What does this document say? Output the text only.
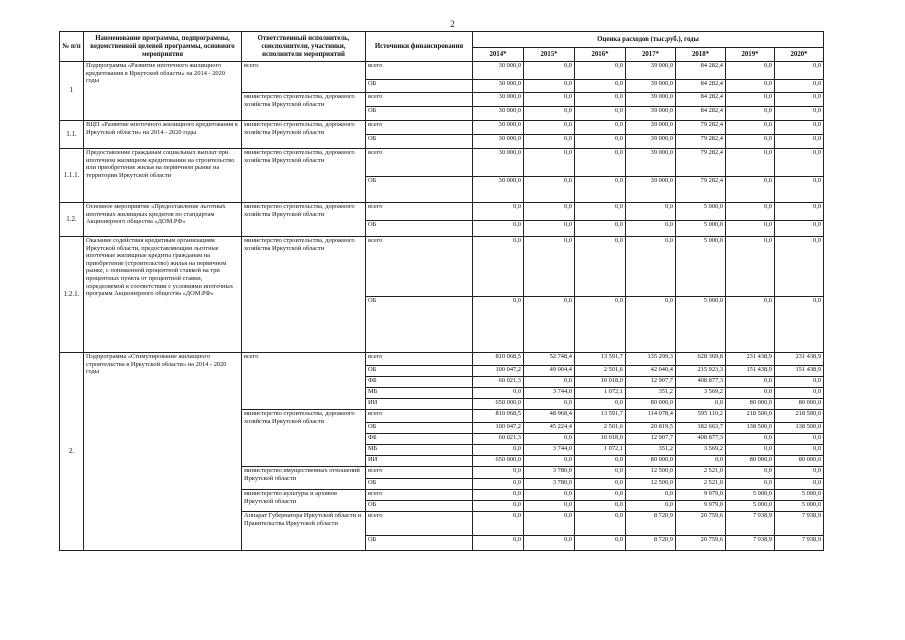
2
№ п/п	Наименование программы, подпрограммы, ведомственной целевой программы, основного мероприятия	Ответственный исполнитель, соисполнители, участники, исполнители мероприятий	Источники финансирования	Оценка расходов (тыс.руб.), годы						
				2014*	2015*	2016*	2017*	2018*	2019*	2020*
1	Подпрограмма «Развитие ипотечного жилищного кредитования в Иркутской области» на 2014 - 2020 годы	всего	всего	30 000,0	0,0	0,0	39 000,0	84 282,4	0,0	0,0
			ОБ	30 000,0	0,0	0,0	39 000,0	84 282,4	0,0	0,0
		министерство строительства, дорожного хозяйства Иркутской области	всего	30 000,0	0,0	0,0	39 000,0	84 282,4	0,0	0,0
			ОБ	30 000,0	0,0	0,0	39 000,0	84 282,4	0,0	0,0
1.1.	ВЦП «Развитие ипотечного жилищного кредитования в Иркутской области» на 2014 - 2020 годы	министерство строительства, дорожного хозяйства Иркутской области	всего	30 000,0	0,0	0,0	39 000,0	79 282,4	0,0	0,0
			ОБ	30 000,0	0,0	0,0	39 000,0	79 282,4	0,0	0,0
1.1.1.	Предоставление гражданам социальных выплат при ипотечном жилищном кредитовании на строительство или приобретение жилья на первичном рынке на территории Иркутской области	министерство строительства, дорожного хозяйства Иркутской области	всего	30 000,0	0,0	0,0	39 000,0	79 282,4	0,0	0,0
			ОБ	30 000,0	0,0	0,0	39 000,0	79 282,4	0,0	0,0
1.2.	Основное мероприятие «Предоставление льготных ипотечных жилищных кредитов по стандартам Акционерного общества «ДОМ.РФ»	министерство строительства, дорожного хозяйства Иркутской области	всего	0,0	0,0	0,0	0,0	5 000,0	0,0	0,0
			ОБ	0,0	0,0	0,0	0,0	5 000,0	0,0	0,0
1.2.1.	Оказание содействия кредитным организациям Иркутской области, предоставляющим льготные ипотечные жилищные кредиты гражданам на приобретение (строительство) жилья на первичном рынке, с пониженной процентной ставкой на три процентных пункта от процентной ставки, определяемой в соответствии с условиями ипотечных программ Акционерного общества «ДОМ.РФ»	министерство строительства, дорожного хозяйства Иркутской области	всего	0,0	0,0	0,0	0,0	5 000,0	0,0	0,0
			ОБ	0,0	0,0	0,0	0,0	5 000,0	0,0	0,0
2.	Подпрограмма «Стимулирование жилищного строительства в Иркутской области» на 2014 - 2020 годы	всего	всего	810 068,5	52 748,4	13 591,7	135 299,3	628 369,8	231 438,9	231 438,9
			ОБ	100 047,2	49 004,4	2 501,6	42 040,4	215 923,3	151 438,9	151 438,9
			ФБ	60 021,3	0,0	10 018,0	12 907,7	408 877,3	0,0	0,0
			МБ	0,0	3 744,0	1 072,1	351,2	3 569,2	0,0	0,0
			ИИ	650 000,0	0,0	0,0	80 000,0	0,0	80 000,0	80 000,0
		министерство строительства, дорожного хозяйства Иркутской области	всего	810 068,5	48 968,4	13 591,7	114 078,4	595 110,2	218 500,0	218 500,0
			ОБ	100 047,2	45 224,4	2 501,6	20 819,5	182 663,7	138 500,0	138 500,0
			ФБ	60 021,3	0,0	10 018,0	12 907,7	408 877,3	0,0	0,0
			МБ	0,0	3 744,0	1 072,1	351,2	3 569,2	0,0	0,0
			ИИ	650 000,0	0,0	0,0	80 000,0	0,0	80 000,0	80 000,0
		министерство имущественных отношений Иркутской области	всего	0,0	3 780,0	0,0	12 500,0	2 521,0	0,0	0,0
			ОБ	0,0	3 780,0	0,0	12 500,0	2 521,0	0,0	0,0
		министерство культуры и архивов Иркутской области	всего	0,0	0,0	0,0	0,0	9 979,0	5 000,0	5 000,0
			ОБ	0,0	0,0	0,0	0,0	9 979,0	5 000,0	5 000,0
		Аппарат Губернатора Иркутской области и Правительства Иркутской области	всего	0,0	0,0	0,0	8 720,9	20 759,6	7 938,9	7 938,9
			ОБ	0,0	0,0	0,0	8 720,9	20 759,6	7 938,9	7 938,9
